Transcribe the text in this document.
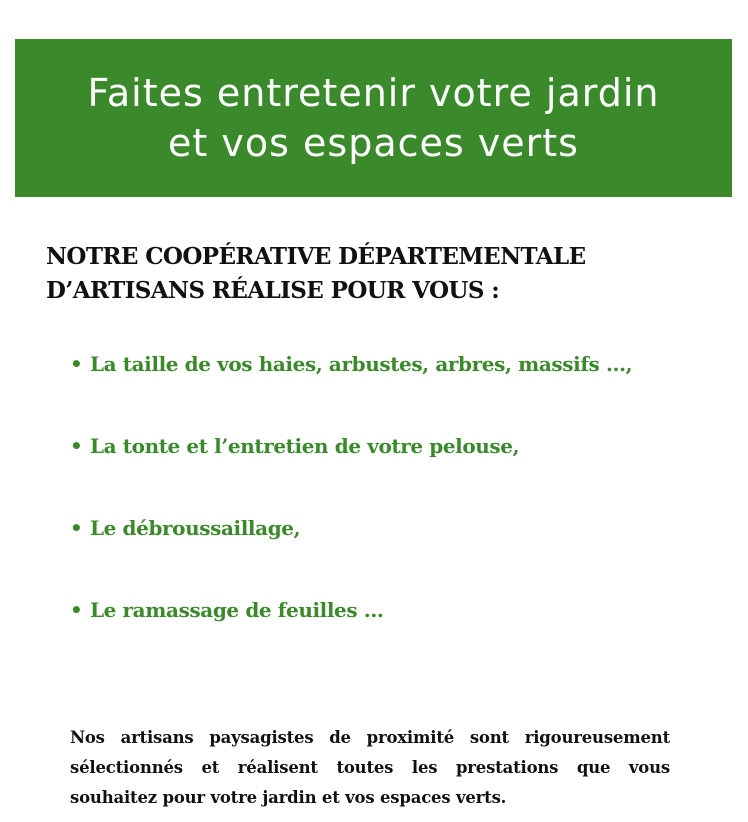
Faites entretenir votre jardin
et vos espaces verts
NOTRE COOPÉRATIVE DÉPARTEMENTALE
D’ARTISANS RÉALISE POUR VOUS :
• La taille de vos haies, arbustes, arbres, massifs ...,
• La tonte et l’entretien de votre pelouse,
• Le débroussaillage,
• Le ramassage de feuilles ...

Nos artisans paysagistes de proximité sont rigoureusement sélectionnés et réalisent toutes les prestations que vous souhaitez pour votre jardin et vos espaces verts.
